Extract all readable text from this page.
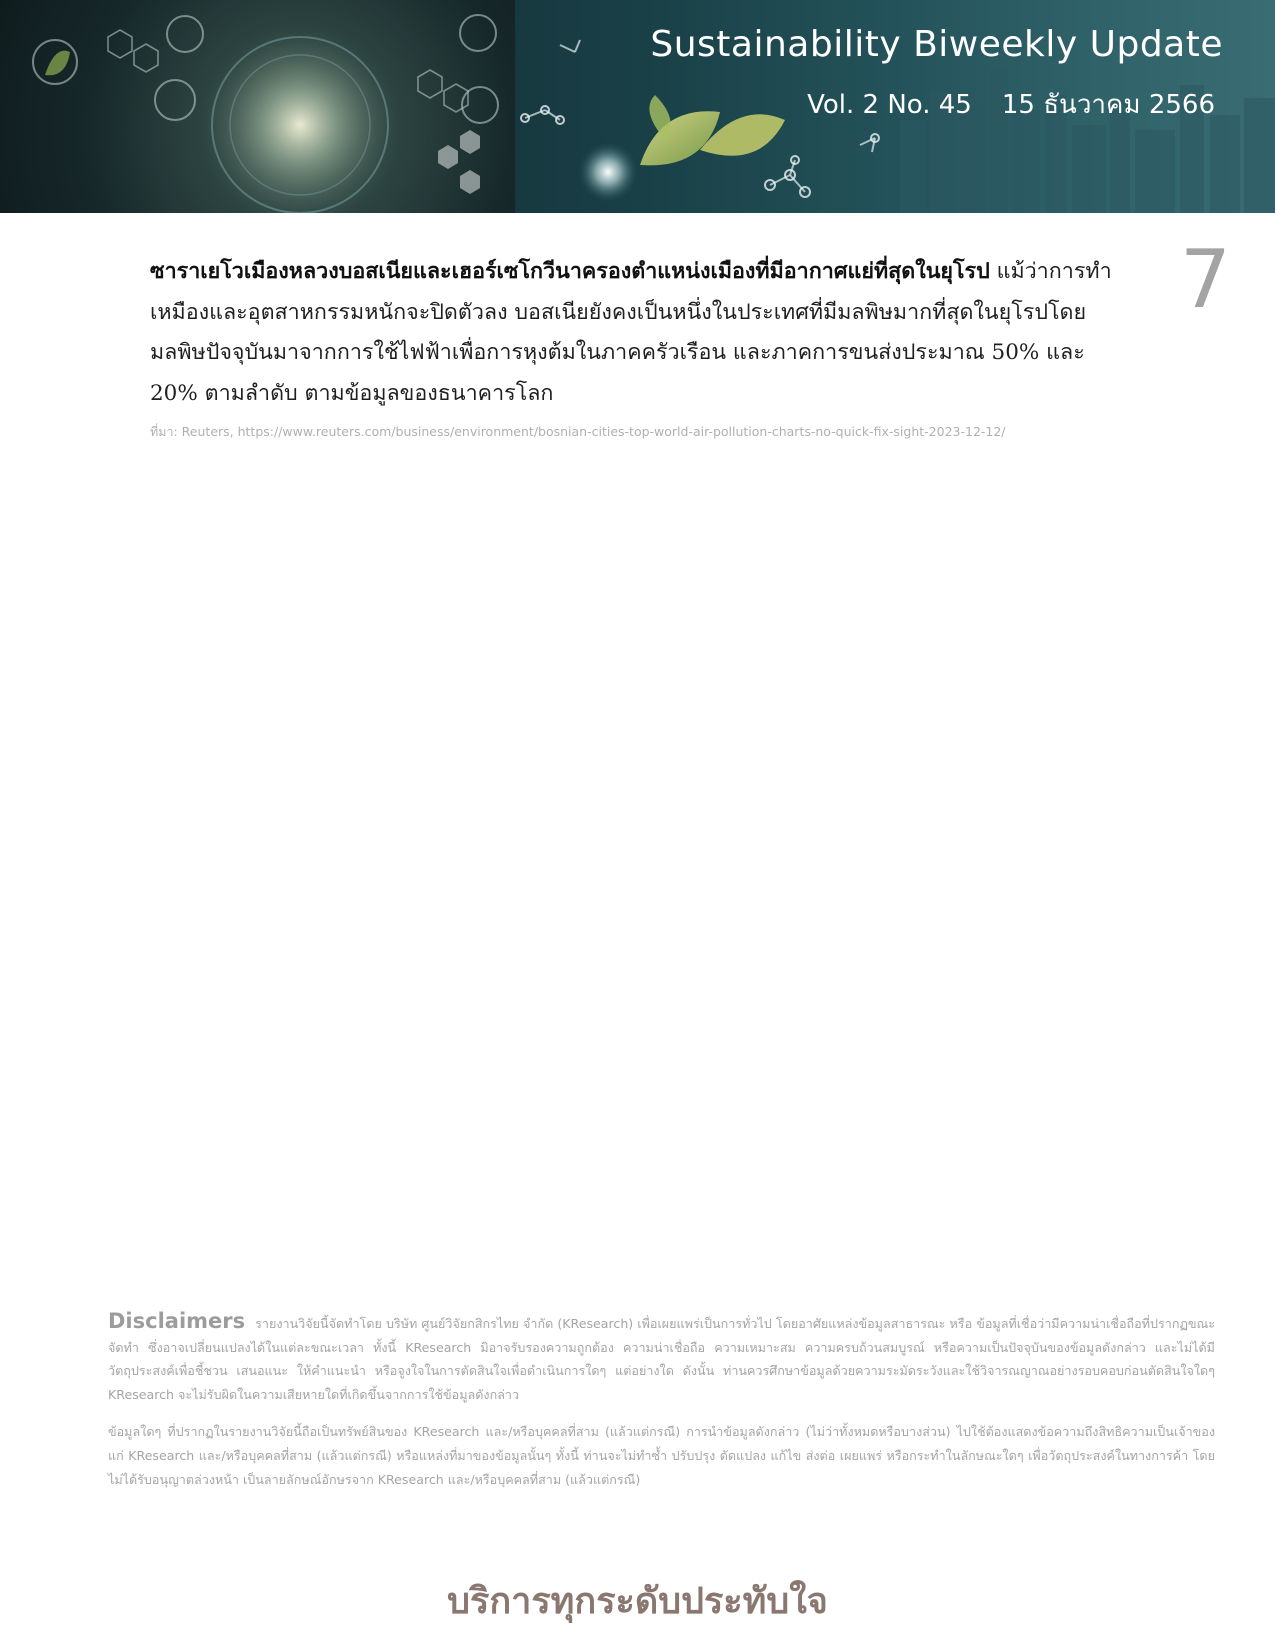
Sustainability Biweekly Update
Vol. 2 No. 45 15 ธันวาคม 2566
7
ซาราเยโวเมืองหลวงบอสเนียและเฮอร์เซโกวีนาครองตำแหน่งเมืองที่มีอากาศแย่ที่สุดในยุโรป แม้ว่าการทำเหมืองและอุตสาหกรรมหนักจะปิดตัวลง บอสเนียยังคงเป็นหนึ่งในประเทศที่มีมลพิษมากที่สุดในยุโรปโดยมลพิษปัจจุบันมาจากการใช้ไฟฟ้าเพื่อการหุงต้มในภาคครัวเรือน และภาคการขนส่งประมาณ 50% และ 20% ตามลำดับ ตามข้อมูลของธนาคารโลก
ที่มา: Reuters, https://www.reuters.com/business/environment/bosnian-cities-top-world-air-pollution-charts-no-quick-fix-sight-2023-12-12/

Disclaimers รายงานวิจัยนี้จัดทำโดย บริษัท ศูนย์วิจัยกสิกรไทย จำกัด (KResearch) เพื่อเผยแพร่เป็นการทั่วไป โดยอาศัยแหล่งข้อมูลสาธารณะ หรือ ข้อมูลที่เชื่อว่ามีความน่าเชื่อถือที่ปรากฏขณะจัดทำ ซึ่งอาจเปลี่ยนแปลงได้ในแต่ละขณะเวลา ทั้งนี้ KResearch มิอาจรับรองความถูกต้อง ความน่าเชื่อถือ ความเหมาะสม ความครบถ้วนสมบูรณ์ หรือความเป็นปัจจุบันของข้อมูลดังกล่าว และไม่ได้มีวัตถุประสงค์เพื่อชี้ชวน เสนอแนะ ให้คำแนะนำ หรือจูงใจในการตัดสินใจเพื่อดำเนินการใดๆ แต่อย่างใด ดังนั้น ท่านควรศึกษาข้อมูลด้วยความระมัดระวังและใช้วิจารณญาณอย่างรอบคอบก่อนตัดสินใจใดๆ KResearch จะไม่รับผิดในความเสียหายใดที่เกิดขึ้นจากการใช้ข้อมูลดังกล่าว

ข้อมูลใดๆ ที่ปรากฏในรายงานวิจัยนี้ถือเป็นทรัพย์สินของ KResearch และ/หรือบุคคลที่สาม (แล้วแต่กรณี) การนำข้อมูลดังกล่าว (ไม่ว่าทั้งหมดหรือบางส่วน) ไปใช้ต้องแสดงข้อความถึงสิทธิความเป็นเจ้าของแก่ KResearch และ/หรือบุคคลที่สาม (แล้วแต่กรณี) หรือแหล่งที่มาของข้อมูลนั้นๆ ทั้งนี้ ท่านจะไม่ทำซ้ำ ปรับปรุง ดัดแปลง แก้ไข ส่งต่อ เผยแพร่ หรือกระทำในลักษณะใดๆ เพื่อวัตถุประสงค์ในทางการค้า โดยไม่ได้รับอนุญาตล่วงหน้า เป็นลายลักษณ์อักษรจาก KResearch และ/หรือบุคคลที่สาม (แล้วแต่กรณี)

บริการทุกระดับประทับใจ
